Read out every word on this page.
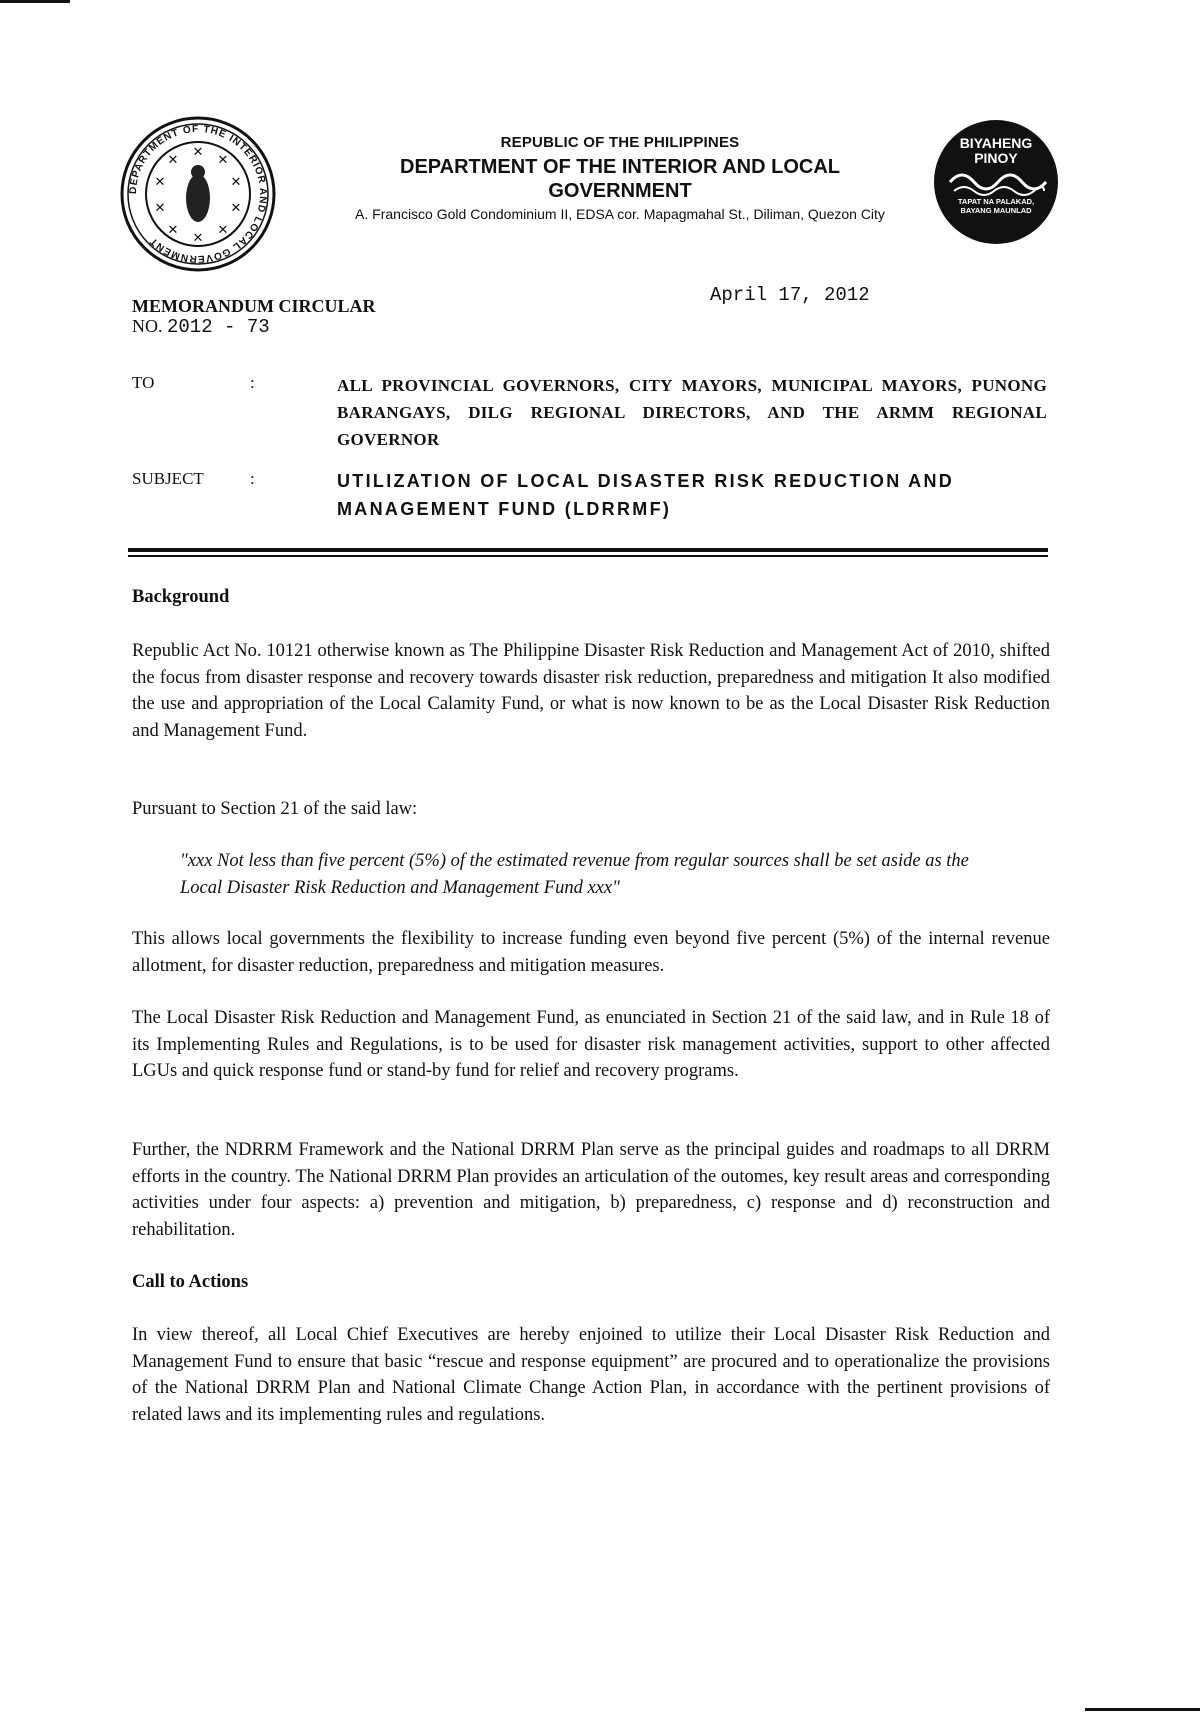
DEPARTMENT OF THE INTERIOR AND LOCAL GOVERNMENT
✕
✕
✕
✕
✕
✕
✕
✕
✕
✕
REPUBLIC OF THE PHILIPPINES
DEPARTMENT OF THE INTERIOR AND LOCAL GOVERNMENT
A. Francisco Gold Condominium II, EDSA cor. Mapagmahal St., Diliman, Quezon City
BIYAHENG
PINOY
TAPAT NA PALAKAD,
BAYANG MAUNLAD
April 17, 2012
MEMORANDUM CIRCULAR
NO. 2012 - 73
TO	:	ALL PROVINCIAL GOVERNORS, CITY MAYORS, MUNICIPAL MAYORS, PUNONG BARANGAYS, DILG REGIONAL DIRECTORS, AND THE ARMM REGIONAL GOVERNOR
SUBJECT	:	UTILIZATION OF LOCAL DISASTER RISK REDUCTION AND MANAGEMENT FUND (LDRRMF)
Background
Republic Act No. 10121 otherwise known as The Philippine Disaster Risk Reduction and Management Act of 2010, shifted the focus from disaster response and recovery towards disaster risk reduction, preparedness and mitigation It also modified the use and appropriation of the Local Calamity Fund, or what is now known to be as the Local Disaster Risk Reduction and Management Fund.
Pursuant to Section 21 of the said law:
"xxx Not less than five percent (5%) of the estimated revenue from regular sources shall be set aside as the Local Disaster Risk Reduction and Management Fund xxx"
This allows local governments the flexibility to increase funding even beyond five percent (5%) of the internal revenue allotment, for disaster reduction, preparedness and mitigation measures.
The Local Disaster Risk Reduction and Management Fund, as enunciated in Section 21 of the said law, and in Rule 18 of its Implementing Rules and Regulations, is to be used for disaster risk management activities, support to other affected LGUs and quick response fund or stand-by fund for relief and recovery programs.
Further, the NDRRM Framework and the National DRRM Plan serve as the principal guides and roadmaps to all DRRM efforts in the country. The National DRRM Plan provides an articulation of the outomes, key result areas and corresponding activities under four aspects: a) prevention and mitigation, b) preparedness, c) response and d) reconstruction and rehabilitation.
Call to Actions
In view thereof, all Local Chief Executives are hereby enjoined to utilize their Local Disaster Risk Reduction and Management Fund to ensure that basic “rescue and response equipment” are procured and to operationalize the provisions of the National DRRM Plan and National Climate Change Action Plan, in accordance with the pertinent provisions of related laws and its implementing rules and regulations.
